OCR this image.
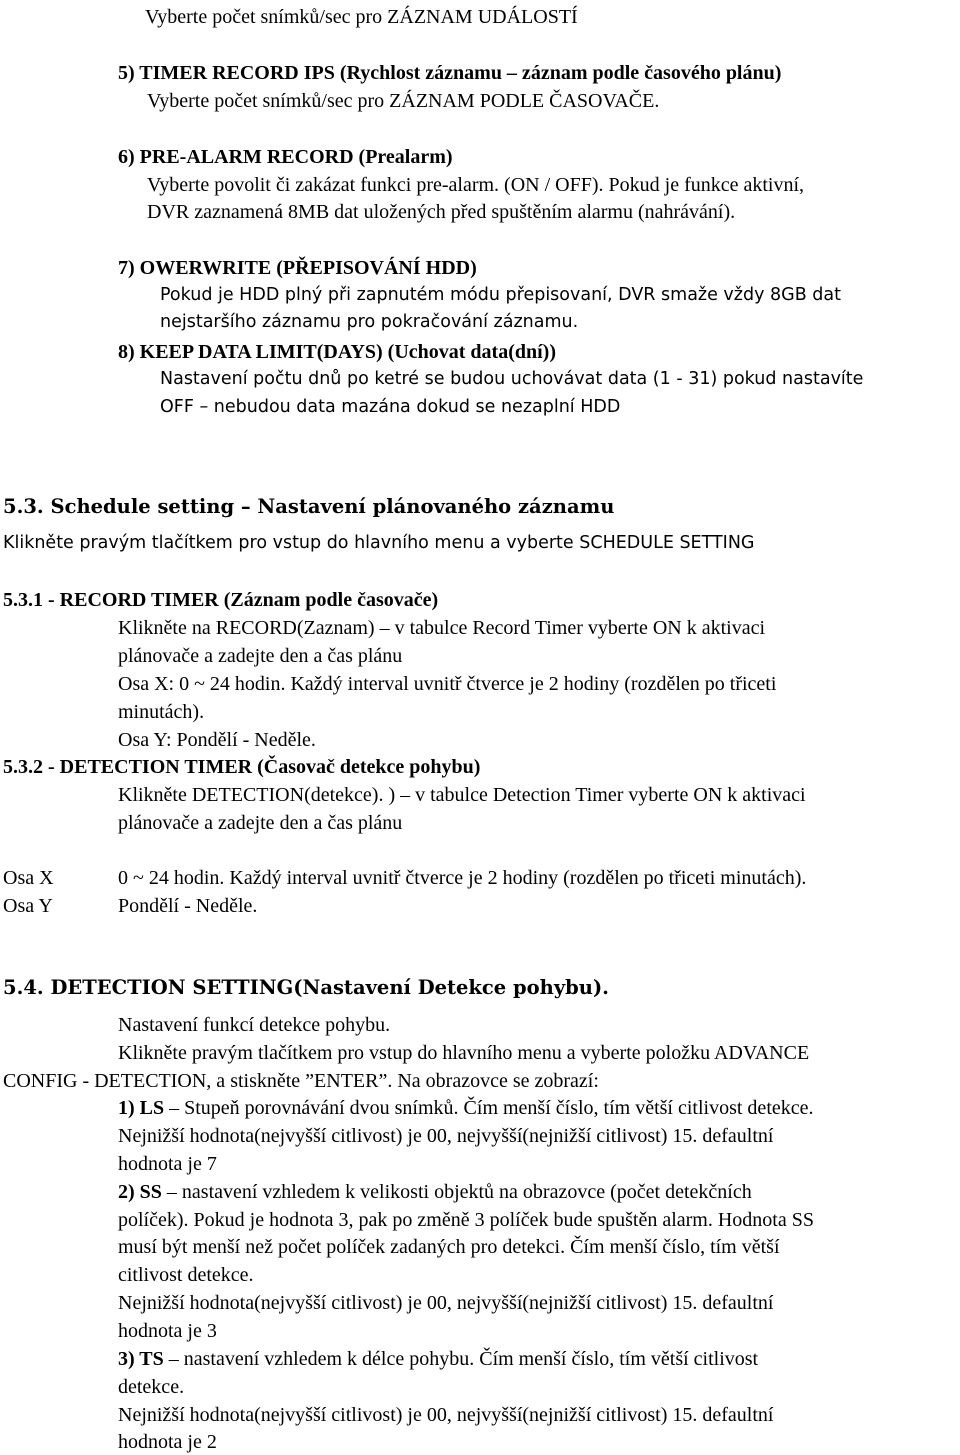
Vyberte počet snímků/sec pro ZÁZNAM UDÁLOSTÍ
5) TIMER RECORD IPS (Rychlost záznamu – záznam podle časového plánu)
Vyberte počet snímků/sec pro ZÁZNAM PODLE ČASOVAČE.
6) PRE-ALARM RECORD (Prealarm)
Vyberte povolit či zakázat funkci pre-alarm. (ON / OFF). Pokud je funkce aktivní,
DVR zaznamená 8MB dat uložených před spuštěním alarmu (nahrávání).
7) OWERWRITE (PŘEPISOVÁNÍ HDD)
Pokud je HDD plný při zapnutém módu přepisovaní, DVR smaže vždy 8GB dat
nejstaršího záznamu pro pokračování záznamu.
8) KEEP DATA LIMIT(DAYS) (Uchovat data(dní))
Nastavení počtu dnů po ketré se budou uchovávat data (1 - 31) pokud nastavíte
OFF – nebudou data mazána dokud se nezaplní HDD
5.3. Schedule setting – Nastavení plánovaného záznamu
Klikněte pravým tlačítkem pro vstup do hlavního menu a vyberte SCHEDULE SETTING
5.3.1 - RECORD TIMER (Záznam podle časovače)
Klikněte na RECORD(Zaznam) – v tabulce Record Timer vyberte ON k aktivaci
plánovače a zadejte den a čas plánu
Osa X: 0 ~ 24 hodin. Každý interval uvnitř čtverce je 2 hodiny (rozdělen po třiceti
minutách).
Osa Y: Pondělí - Neděle.
5.3.2 - DETECTION TIMER (Časovač detekce pohybu)
Klikněte DETECTION(detekce). ) – v tabulce Detection Timer vyberte ON k aktivaci
plánovače a zadejte den a čas plánu
Osa X	0 ~ 24 hodin. Každý interval uvnitř čtverce je 2 hodiny (rozdělen po třiceti minutách).
Osa Y	Pondělí - Neděle.
5.4. DETECTION SETTING(Nastavení Detekce pohybu).
Nastavení funkcí detekce pohybu.
Klikněte pravým tlačítkem pro vstup do hlavního menu a vyberte položku ADVANCE
CONFIG - DETECTION, a stiskněte ”ENTER”. Na obrazovce se zobrazí:
1) LS – Stupeň porovnávání dvou snímků. Čím menší číslo, tím větší citlivost detekce.
Nejnižší hodnota(nejvyšší citlivost) je 00, nejvyšší(nejnižší citlivost) 15. defaultní
hodnota je 7
2) SS – nastavení vzhledem k velikosti objektů na obrazovce (počet detekčních
políček). Pokud je hodnota 3, pak po změně 3 políček bude spuštěn alarm. Hodnota SS
musí být menší než počet políček zadaných pro detekci. Čím menší číslo, tím větší
citlivost detekce.
Nejnižší hodnota(nejvyšší citlivost) je 00, nejvyšší(nejnižší citlivost) 15. defaultní
hodnota je 3
3) TS – nastavení vzhledem k délce pohybu. Čím menší číslo, tím větší citlivost
detekce.
Nejnižší hodnota(nejvyšší citlivost) je 00, nejvyšší(nejnižší citlivost) 15. defaultní
hodnota je 2
